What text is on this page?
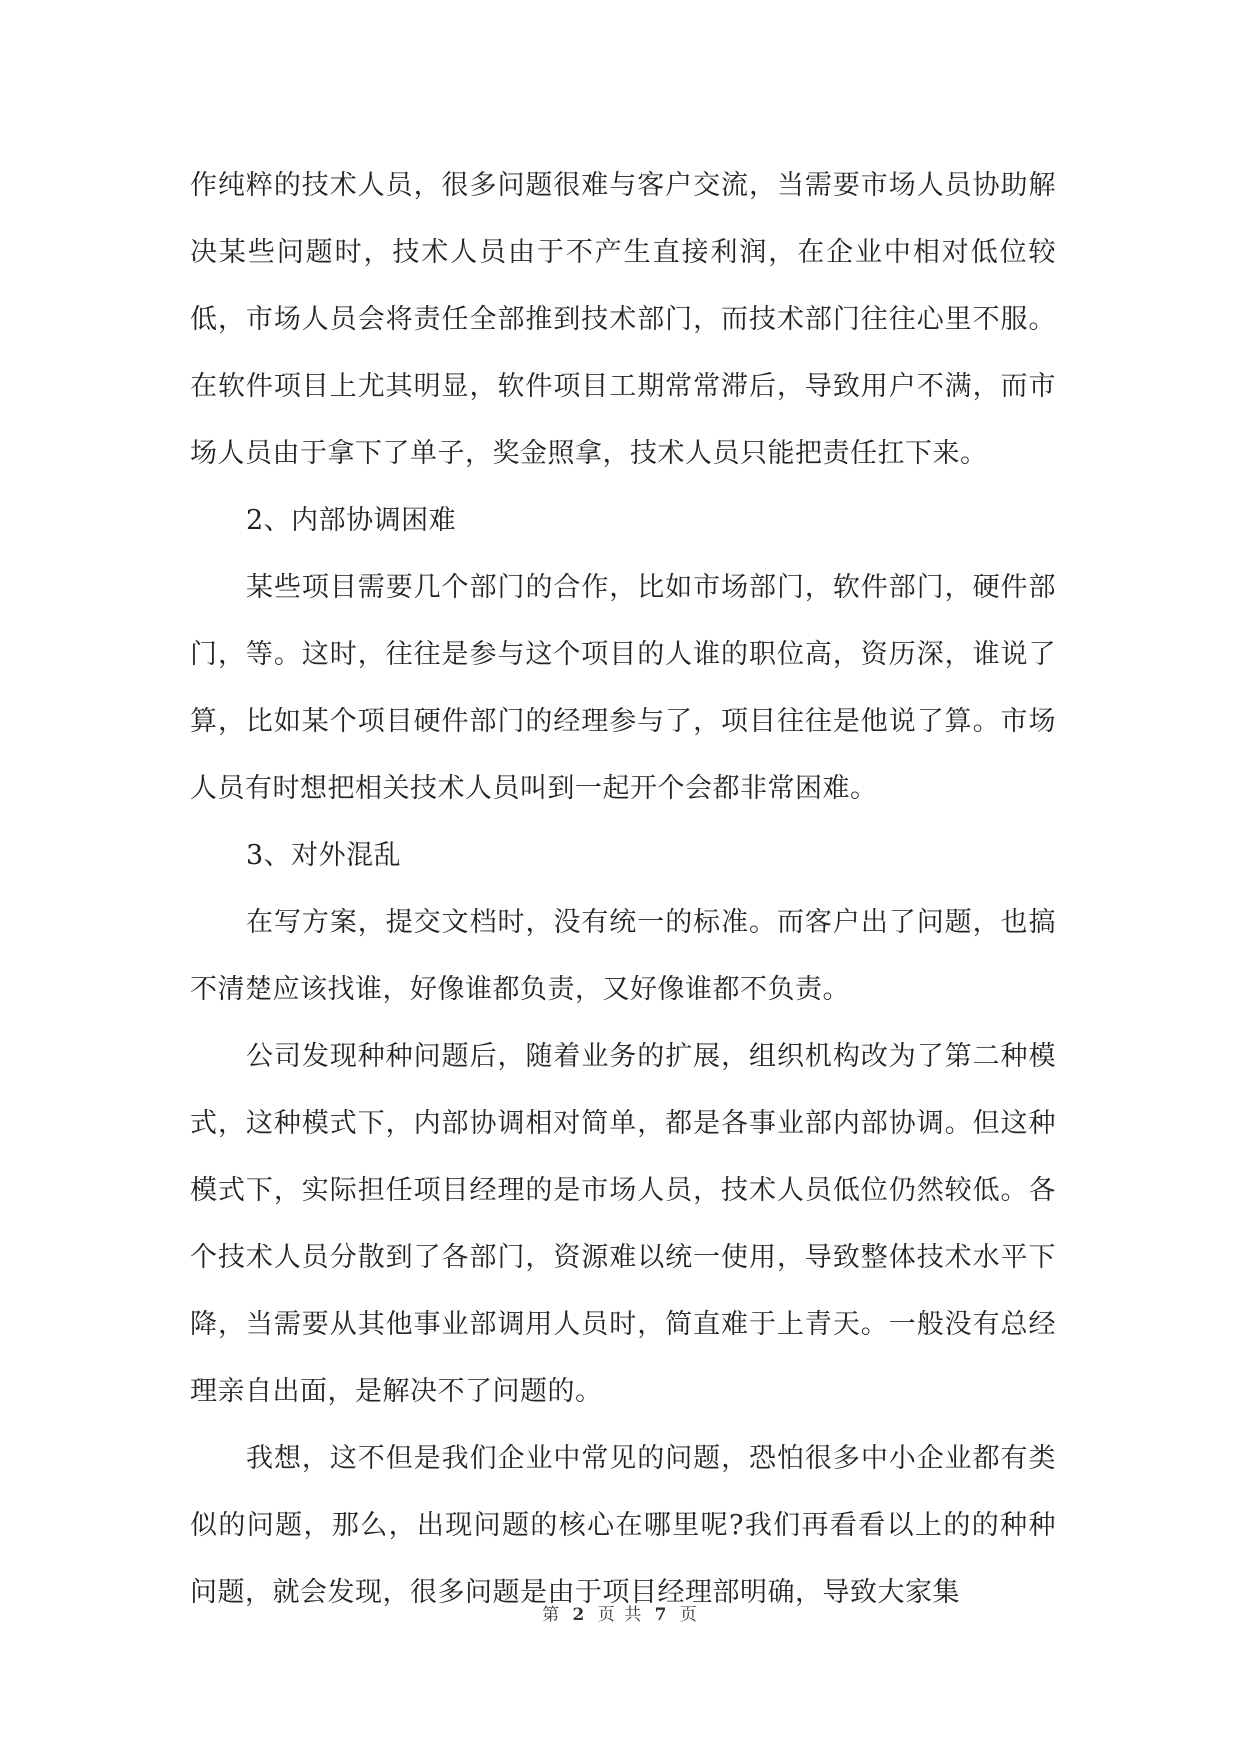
作纯粹的技术人员，很多问题很难与客户交流，当需要市场人员协助解决某些问题时，技术人员由于不产生直接利润，在企业中相对低位较低，市场人员会将责任全部推到技术部门，而技术部门往往心里不服。在软件项目上尤其明显，软件项目工期常常滞后，导致用户不满，而市场人员由于拿下了单子，奖金照拿，技术人员只能把责任扛下来。

2、内部协调困难

某些项目需要几个部门的合作，比如市场部门，软件部门，硬件部门，等。这时，往往是参与这个项目的人谁的职位高，资历深，谁说了算，比如某个项目硬件部门的经理参与了，项目往往是他说了算。市场人员有时想把相关技术人员叫到一起开个会都非常困难。

3、对外混乱

在写方案，提交文档时，没有统一的标准。而客户出了问题，也搞不清楚应该找谁，好像谁都负责，又好像谁都不负责。

公司发现种种问题后，随着业务的扩展，组织机构改为了第二种模式，这种模式下，内部协调相对简单，都是各事业部内部协调。但这种模式下，实际担任项目经理的是市场人员，技术人员低位仍然较低。各个技术人员分散到了各部门，资源难以统一使用，导致整体技术水平下降，当需要从其他事业部调用人员时，简直难于上青天。一般没有总经理亲自出面，是解决不了问题的。

我想，这不但是我们企业中常见的问题，恐怕很多中小企业都有类似的问题，那么，出现问题的核心在哪里呢?我们再看看以上的的种种问题，就会发现，很多问题是由于项目经理部明确，导致大家集

第 2 页 共 7 页
